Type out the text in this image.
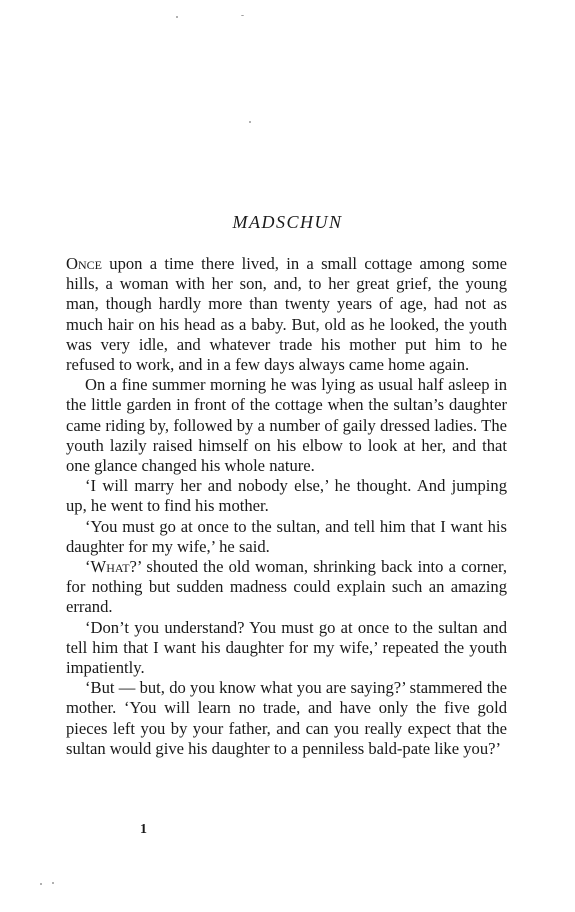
MADSCHUN

Once upon a time there lived, in a small cottage among some hills, a woman with her son, and, to her great grief, the young man, though hardly more than twenty years of age, had not as much hair on his head as a baby. But, old as he looked, the youth was very idle, and whatever trade his mother put him to he refused to work, and in a few days always came home again.

On a fine summer morning he was lying as usual half asleep in the little garden in front of the cottage when the sultan’s daughter came riding by, followed by a number of gaily dressed ladies. The youth lazily raised himself on his elbow to look at her, and that one glance changed his whole nature.

‘I will marry her and nobody else,’ he thought. And jumping up, he went to find his mother.

‘You must go at once to the sultan, and tell him that I want his daughter for my wife,’ he said.

‘What?’ shouted the old woman, shrinking back into a corner, for nothing but sudden madness could explain such an amazing errand.

‘Don’t you understand? You must go at once to the sultan and tell him that I want his daughter for my wife,’ repeated the youth impatiently.

‘But — but, do you know what you are saying?’ stammered the mother. ‘You will learn no trade, and have only the five gold pieces left you by your father, and can you really expect that the sultan would give his daughter to a penniless bald-pate like you?’

1
